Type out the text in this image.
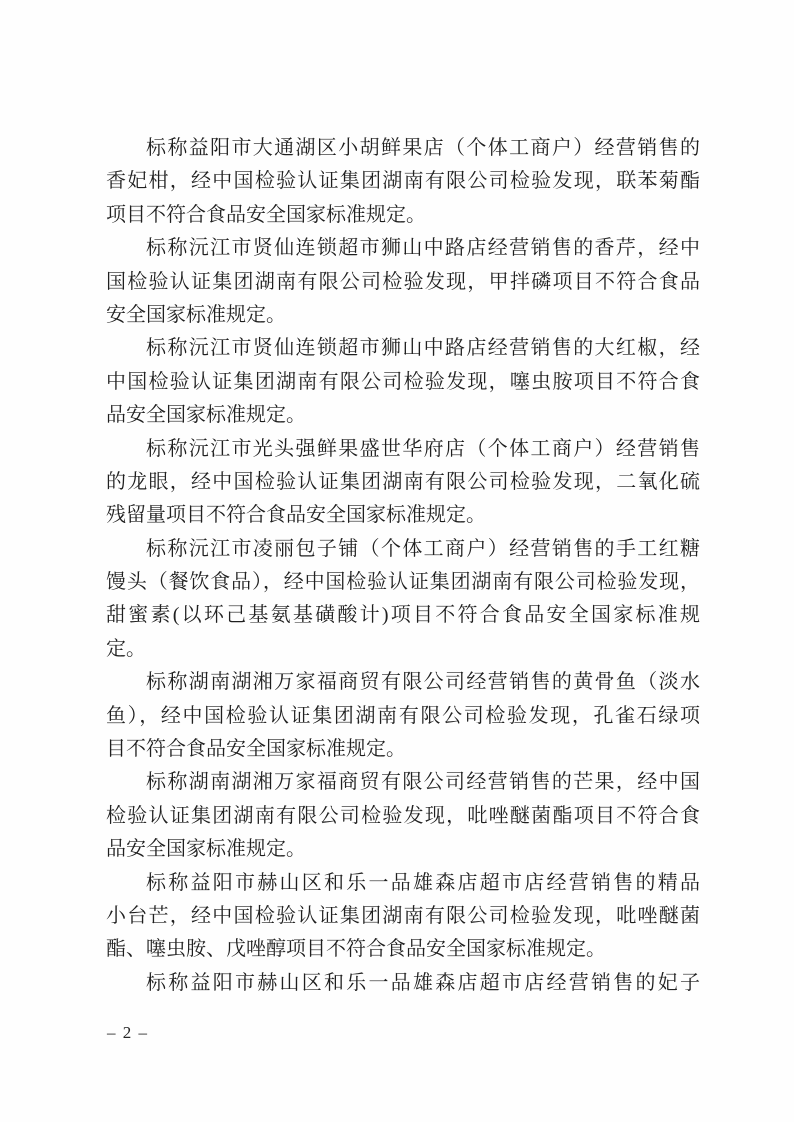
标称益阳市大通湖区小胡鲜果店（个体工商户）经营销售的
香妃柑，经中国检验认证集团湖南有限公司检验发现，联苯菊酯
项目不符合食品安全国家标准规定。
标称沅江市贤仙连锁超市狮山中路店经营销售的香芹，经中
国检验认证集团湖南有限公司检验发现，甲拌磷项目不符合食品
安全国家标准规定。
标称沅江市贤仙连锁超市狮山中路店经营销售的大红椒，经
中国检验认证集团湖南有限公司检验发现，噻虫胺项目不符合食
品安全国家标准规定。
标称沅江市光头强鲜果盛世华府店（个体工商户）经营销售
的龙眼，经中国检验认证集团湖南有限公司检验发现，二氧化硫
残留量项目不符合食品安全国家标准规定。
标称沅江市凌丽包子铺（个体工商户）经营销售的手工红糖
馒头（餐饮食品），经中国检验认证集团湖南有限公司检验发现，
甜蜜素(以环己基氨基磺酸计)项目不符合食品安全国家标准规
定。
标称湖南湖湘万家福商贸有限公司经营销售的黄骨鱼（淡水
鱼），经中国检验认证集团湖南有限公司检验发现，孔雀石绿项
目不符合食品安全国家标准规定。
标称湖南湖湘万家福商贸有限公司经营销售的芒果，经中国
检验认证集团湖南有限公司检验发现，吡唑醚菌酯项目不符合食
品安全国家标准规定。
标称益阳市赫山区和乐一品雄森店超市店经营销售的精品
小台芒，经中国检验认证集团湖南有限公司检验发现，吡唑醚菌
酯、噻虫胺、戊唑醇项目不符合食品安全国家标准规定。
标称益阳市赫山区和乐一品雄森店超市店经营销售的妃子
– 2 –
